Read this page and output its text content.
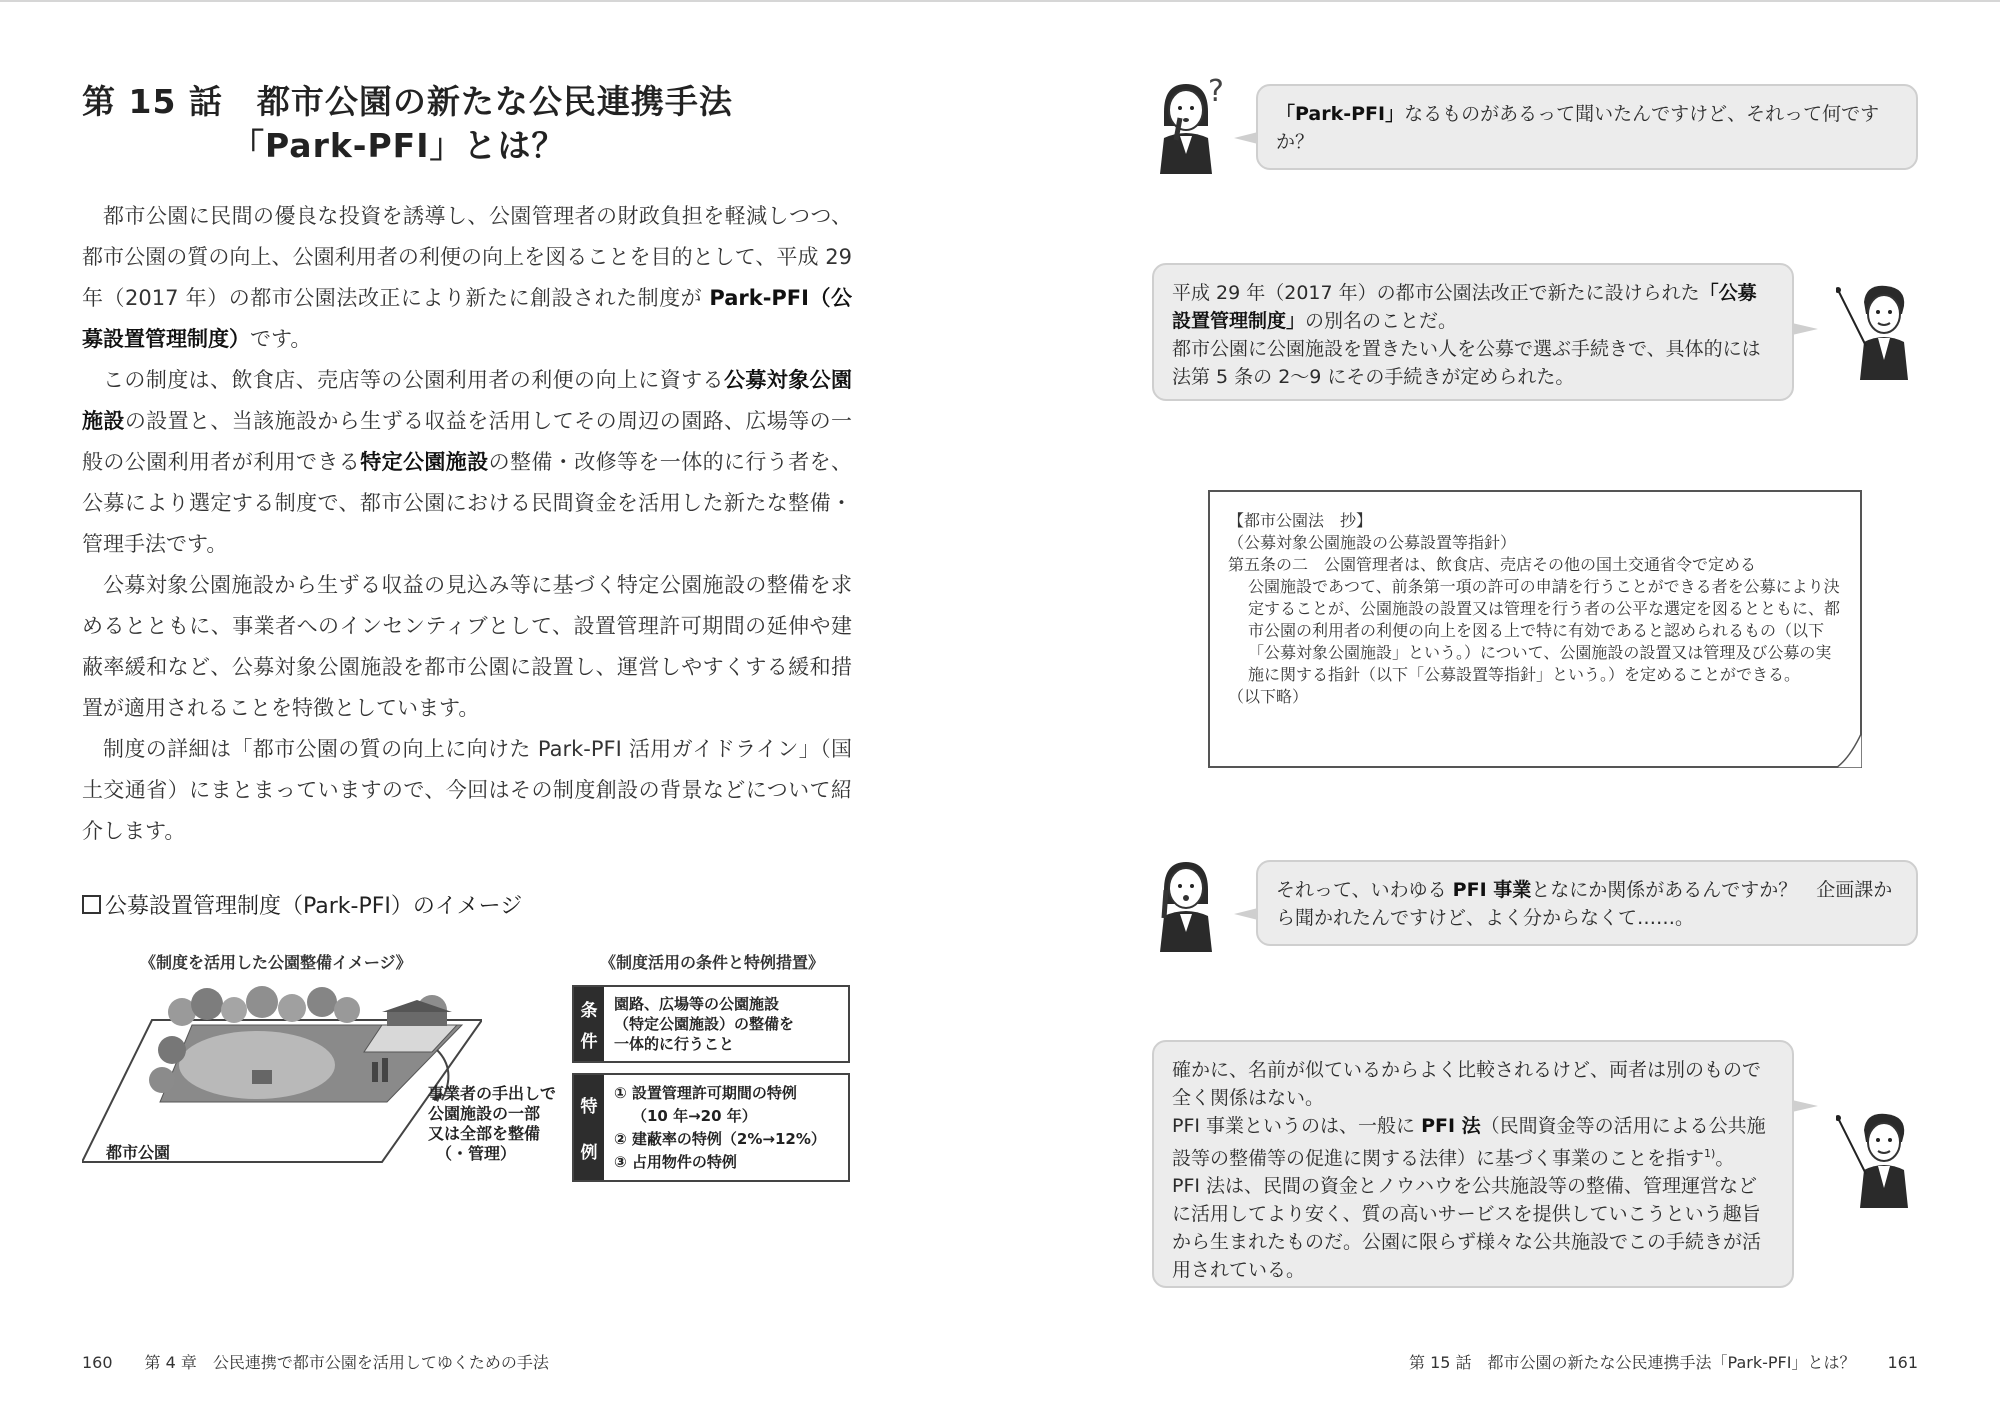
第 15 話　都市公園の新たな公民連携手法
「Park-PFI」とは？

都市公園に民間の優良な投資を誘導し、公園管理者の財政負担を軽減しつつ、都市公園の質の向上、公園利用者の利便の向上を図ることを目的として、平成 29 年（2017 年）の都市公園法改正により新たに創設された制度が Park-PFI（公募設置管理制度）です。

この制度は、飲食店、売店等の公園利用者の利便の向上に資する公募対象公園施設の設置と、当該施設から生ずる収益を活用してその周辺の園路、広場等の一般の公園利用者が利用できる特定公園施設の整備・改修等を一体的に行う者を、公募により選定する制度で、都市公園における民間資金を活用した新たな整備・管理手法です。

公募対象公園施設から生ずる収益の見込み等に基づく特定公園施設の整備を求めるとともに、事業者へのインセンティブとして、設置管理許可期間の延伸や建蔽率緩和など、公募対象公園施設を都市公園に設置し、運営しやすくする緩和措置が適用されることを特徴としています。

制度の詳細は「都市公園の質の向上に向けた Park-PFI 活用ガイドライン」（国土交通省）にまとまっていますので、今回はその制度創設の背景などについて紹介します。

公募設置管理制度（Park-PFI）のイメージ
《制度を活用した公園整備イメージ》	《制度活用の条件と特例措置》
都市公園
事業者の手出しで
公園施設の一部
又は全部を整備
（・管理）
条
件
園路、広場等の公園施設
（特定公園施設）の整備を
一体的に行うこと
特
例
① 設置管理許可期間の特例
（10 年→20 年）
② 建蔽率の特例（2%→12%）
③ 占用物件の特例
160 第 4 章　公民連携で都市公園を活用してゆくための手法
?
「Park-PFI」なるものがあるって聞いたんですけど、それって何ですか？
平成 29 年（2017 年）の都市公園法改正で新たに設けられた「公募設置管理制度」の別名のことだ。
都市公園に公園施設を置きたい人を公募で選ぶ手続きで、具体的には法第 5 条の 2～9 にその手続きが定められた。
【都市公園法　抄】
（公募対象公園施設の公募設置等指針）
第五条の二　公園管理者は、飲食店、売店その他の国土交通省令で定める
公園施設であつて、前条第一項の許可の申請を行うことができる者を公募により決定することが、公園施設の設置又は管理を行う者の公平な選定を図るとともに、都市公園の利用者の利便の向上を図る上で特に有効であると認められるもの（以下「公募対象公園施設」という。）について、公園施設の設置又は管理及び公募の実施に関する指針（以下「公募設置等指針」という。）を定めることができる。
（以下略）
それって、いわゆる PFI 事業となにか関係があるんですか？　企画課から聞かれたんですけど、よく分からなくて……。
確かに、名前が似ているからよく比較されるけど、両者は別のもので全く関係はない。
PFI 事業というのは、一般に PFI 法（民間資金等の活用による公共施設等の整備等の促進に関する法律）に基づく事業のことを指す$^{1)}$。
PFI 法は、民間の資金とノウハウを公共施設等の整備、管理運営などに活用してより安く、質の高いサービスを提供していこうという趣旨から生まれたものだ。公園に限らず様々な公共施設でこの手続きが活用されている。
第 15 話　都市公園の新たな公民連携手法「Park-PFI」とは？ 161
